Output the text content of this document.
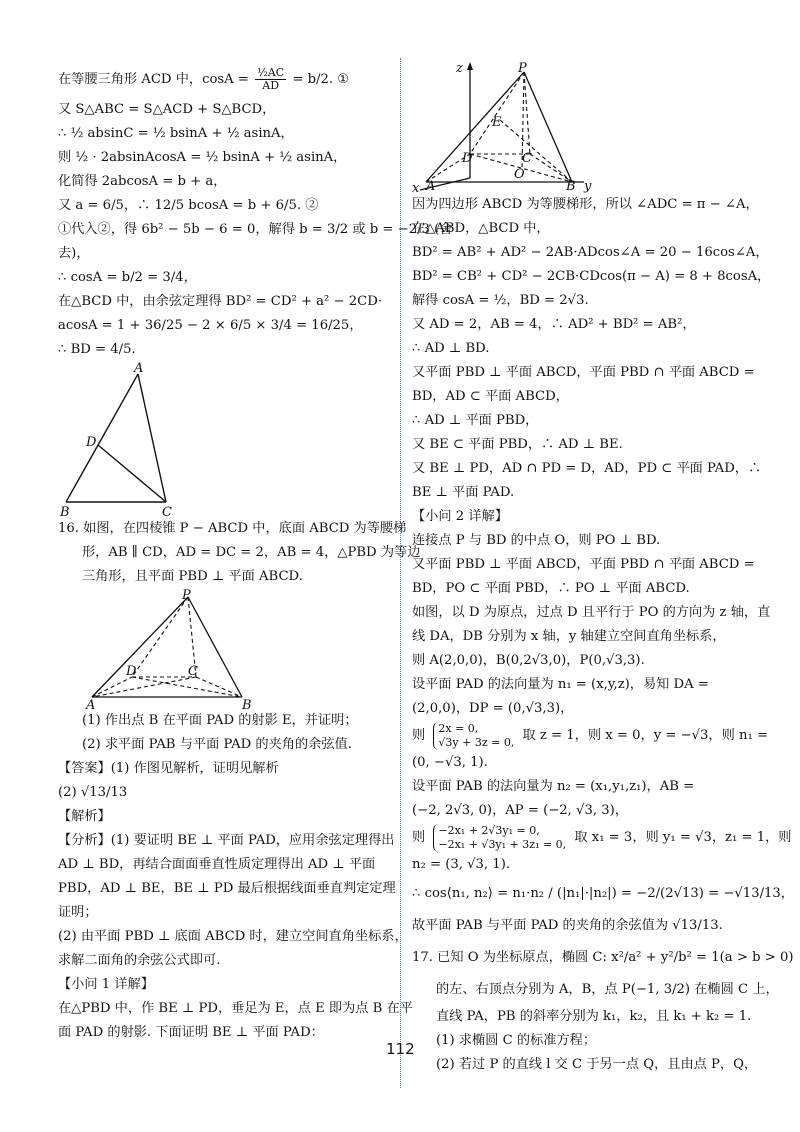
在等腰三角形 ACD 中，$\cos A = \frac{\text{½AC}}{AD} = b/2$. ①
又 S△ABC = S△ACD + S△BCD，
∴ ½ absinC = ½ bsinA + ½ asinA，
则 ½ · 2absinAcosA = ½ bsinA + ½ asinA，
化简得 2abcosA = b + a，
又 a = 6/5，∴ 12/5 bcosA = b + 6/5. ②
①代入②，得 6b² − 5b − 6 = 0，解得 b = 3/2 或 b = −2/3 (舍
去)，
∴ cosA = b/2 = 3/4，
在△BCD 中，由余弦定理得 BD² = CD² + a² − 2CD·
acosA = 1 + 36/25 − 2 × 6/5 × 3/4 = 16/25，
∴ BD = 4/5.
A
D
B	C
16. 如图，在四棱锥 P − ABCD 中，底面 ABCD 为等腰梯
形，AB ∥ CD，AD = DC = 2，AB = 4，△PBD 为等边
三角形，且平面 PBD ⊥ 平面 ABCD.
P
D	C
A	B
(1) 作出点 B 在平面 PAD 的射影 E，并证明；
(2) 求平面 PAB 与平面 PAD 的夹角的余弦值.
【答案】(1) 作图见解析，证明见解析
(2) √13/13
【解析】
【分析】(1) 要证明 BE ⊥ 平面 PAD，应用余弦定理得出
AD ⊥ BD，再结合面面垂直性质定理得出 AD ⊥ 平面
PBD，AD ⊥ BE，BE ⊥ PD 最后根据线面垂直判定定理
证明；
(2) 由平面 PBD ⊥ 底面 ABCD 时，建立空间直角坐标系，
求解二面角的余弦公式即可.
【小问 1 详解】
在△PBD 中，作 BE ⊥ PD，垂足为 E，点 E 即为点 B 在平
面 PAD 的射影. 下面证明 BE ⊥ 平面 PAD：
z	P
E
D	C
O
A	B y
x
因为四边形 ABCD 为等腰梯形，所以 ∠ADC = π − ∠A，
在△ABD，△BCD 中，
BD² = AB² + AD² − 2AB·ADcos∠A = 20 − 16cos∠A，
BD² = CB² + CD² − 2CB·CDcos(π − A) = 8 + 8cosA，
解得 cosA = ½，BD = 2√3.
又 AD = 2，AB = 4，∴ AD² + BD² = AB²，
∴ AD ⊥ BD.
又平面 PBD ⊥ 平面 ABCD，平面 PBD ∩ 平面 ABCD =
BD，AD ⊂ 平面 ABCD，
∴ AD ⊥ 平面 PBD，
又 BE ⊂ 平面 PBD，∴ AD ⊥ BE.
又 BE ⊥ PD，AD ∩ PD = D，AD，PD ⊂ 平面 PAD，∴
BE ⊥ 平面 PAD.
【小问 2 详解】
连接点 P 与 BD 的中点 O，则 PO ⊥ BD.
又平面 PBD ⊥ 平面 ABCD，平面 PBD ∩ 平面 ABCD =
BD，PO ⊂ 平面 PBD，∴ PO ⊥ 平面 ABCD.
如图，以 D 为原点，过点 D 且平行于 PO 的方向为 z 轴，直
线 DA，DB 分别为 x 轴，y 轴建立空间直角坐标系，
则 A(2,0,0)，B(0,2√3,0)，P(0,√3,3).
设平面 PAD 的法向量为 n₁ = (x,y,z)，易知 DA =
(2,0,0)，DP = (0,√3,3)，
则 2x = 0,
√3y + 3z = 0, 取 z = 1，则 x = 0，y = −√3，则 n₁ =
(0, −√3, 1).
设平面 PAB 的法向量为 n₂ = (x₁,y₁,z₁)，AB =
(−2, 2√3, 0)，AP = (−2, √3, 3)，
则 −2x₁ + 2√3y₁ = 0,
−2x₁ + √3y₁ + 3z₁ = 0, 取 x₁ = 3，则 y₁ = √3，z₁ = 1，则
n₂ = (3, √3, 1).
∴ cos⟨n₁, n₂⟩ = n₁·n₂ / (|n₁|·|n₂|) = −2/(2√13) = −√13/13，
故平面 PAB 与平面 PAD 的夹角的余弦值为 √13/13.
17. 已知 O 为坐标原点，椭圆 C: x²/a² + y²/b² = 1(a > b > 0)
的左、右顶点分别为 A，B，点 P(−1, 3/2) 在椭圆 C 上，
直线 PA，PB 的斜率分别为 k₁，k₂，且 k₁ + k₂ = 1.
(1) 求椭圆 C 的标准方程；
(2) 若过 P 的直线 l 交 C 于另一点 Q，且由点 P，Q，
112
